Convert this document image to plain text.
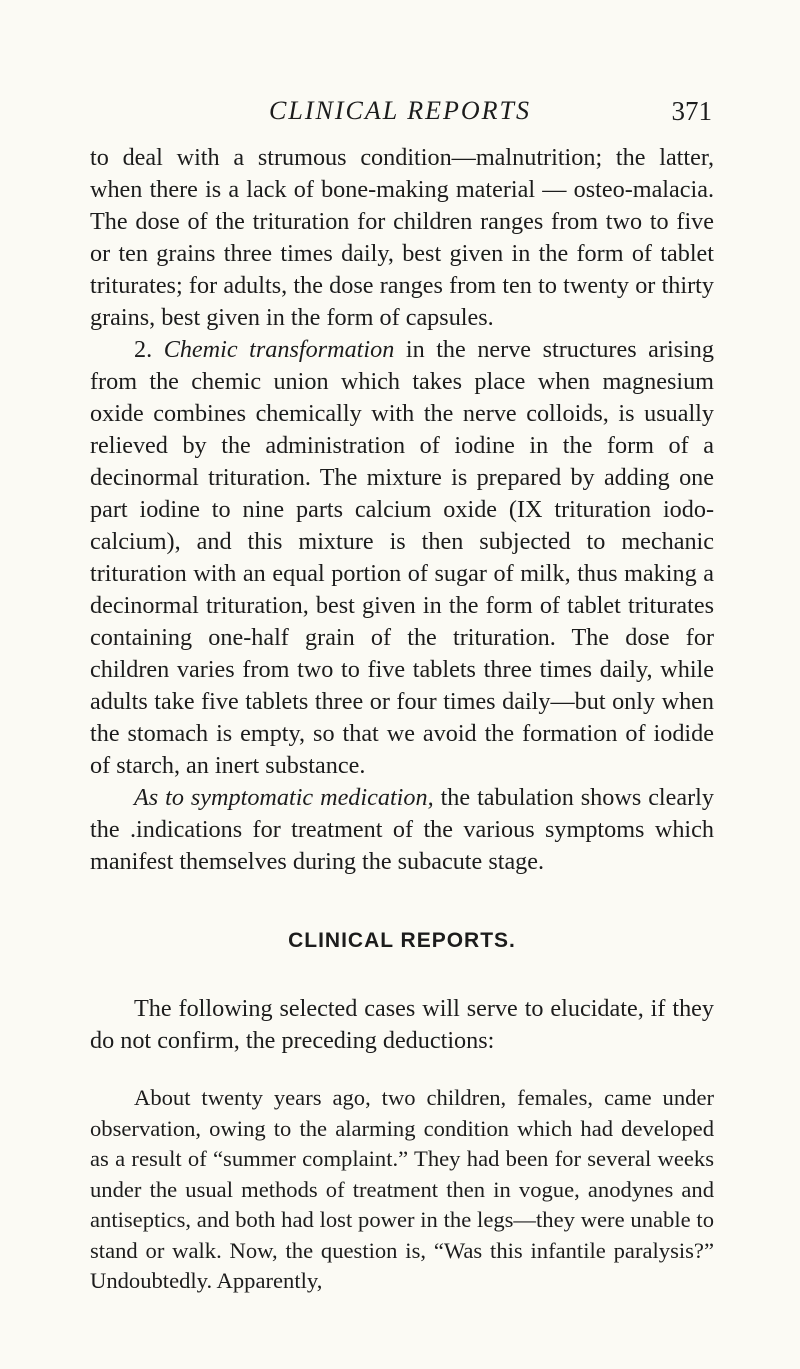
CLINICAL REPORTS	371

to deal with a strumous condition—malnutrition; the latter, when there is a lack of bone-making material — osteo-malacia. The dose of the trituration for children ranges from two to five or ten grains three times daily, best given in the form of tablet triturates; for adults, the dose ranges from ten to twenty or thirty grains, best given in the form of capsules.

2. Chemic transformation in the nerve structures arising from the chemic union which takes place when magnesium oxide combines chemically with the nerve colloids, is usually relieved by the administration of iodine in the form of a decinormal trituration. The mixture is prepared by adding one part iodine to nine parts calcium oxide (IX trituration iodo-calcium), and this mixture is then subjected to mechanic trituration with an equal portion of sugar of milk, thus making a decinormal trituration, best given in the form of tablet triturates containing one-half grain of the trituration. The dose for children varies from two to five tablets three times daily, while adults take five tablets three or four times daily—but only when the stomach is empty, so that we avoid the formation of iodide of starch, an inert substance.

As to symptomatic medication, the tabulation shows clearly the .indications for treatment of the various symptoms which manifest themselves during the subacute stage.

CLINICAL REPORTS.

The following selected cases will serve to elucidate, if they do not confirm, the preceding deductions:

About twenty years ago, two children, females, came under observation, owing to the alarming condition which had developed as a result of “summer complaint.” They had been for several weeks under the usual methods of treatment then in vogue, anodynes and antiseptics, and both had lost power in the legs—they were unable to stand or walk. Now, the question is, “Was this infantile paralysis?” Undoubtedly. Apparently,
